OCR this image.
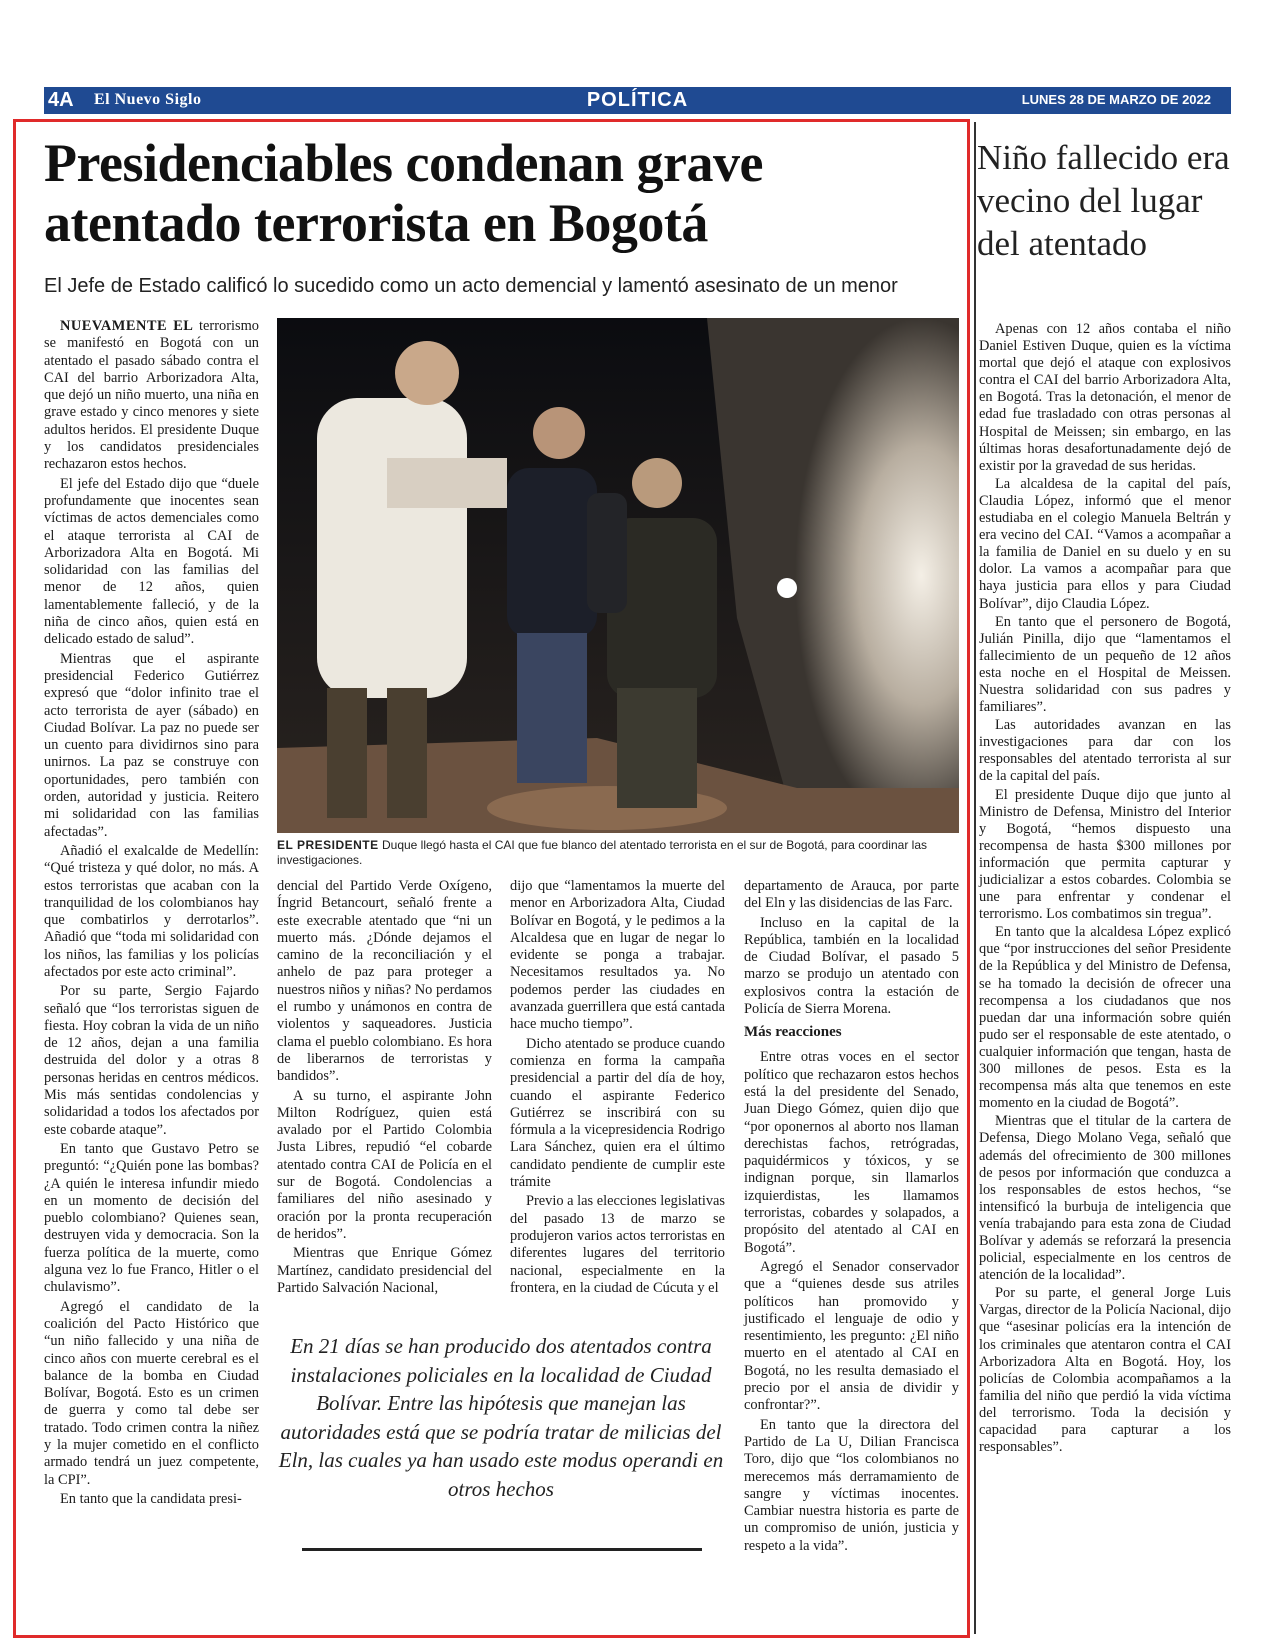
4A El Nuevo Siglo	POLÍTICA	LUNES 28 DE MARZO DE 2022
Presidenciables condenan grave atentado terrorista en Bogotá
El Jefe de Estado calificó lo sucedido como un acto demencial y lamentó asesinato de un menor

NUEVAMENTE EL terrorismo se manifestó en Bogotá con un atentado el pasado sábado contra el CAI del barrio Arborizadora Alta, que dejó un niño muerto, una niña en grave estado y cinco menores y siete adultos heridos. El presidente Duque y los candidatos presidenciales rechazaron estos hechos.

El jefe del Estado dijo que “duele profundamente que inocentes sean víctimas de actos demenciales como el ataque terrorista al CAI de Arborizadora Alta en Bogotá. Mi solidaridad con las familias del menor de 12 años, quien lamentablemente falleció, y de la niña de cinco años, quien está en delicado estado de salud”.

Mientras que el aspirante presidencial Federico Gutiérrez expresó que “dolor infinito trae el acto terrorista de ayer (sábado) en Ciudad Bolívar. La paz no puede ser un cuento para dividirnos sino para unirnos. La paz se construye con oportunidades, pero también con orden, autoridad y justicia. Reitero mi solidaridad con las familias afectadas”.

Añadió el exalcalde de Medellín: “Qué tristeza y qué dolor, no más. A estos terroristas que acaban con la tranquilidad de los colombianos hay que combatirlos y derrotarlos”. Añadió que “toda mi solidaridad con los niños, las familias y los policías afectados por este acto criminal”.

Por su parte, Sergio Fajardo señaló que “los terroristas siguen de fiesta. Hoy cobran la vida de un niño de 12 años, dejan a una familia destruida del dolor y a otras 8 personas heridas en centros médicos. Mis más sentidas condolencias y solidaridad a todos los afectados por este cobarde ataque”.

En tanto que Gustavo Petro se preguntó: “¿Quién pone las bombas? ¿A quién le interesa infundir miedo en un momento de decisión del pueblo colombiano? Quienes sean, destruyen vida y democracia. Son la fuerza política de la muerte, como alguna vez lo fue Franco, Hitler o el chulavismo”.

Agregó el candidato de la coalición del Pacto Histórico que “un niño fallecido y una niña de cinco años con muerte cerebral es el balance de la bomba en Ciudad Bolívar, Bogotá. Esto es un crimen de guerra y como tal debe ser tratado. Todo crimen contra la niñez y la mujer cometido en el conflicto armado tendrá un juez competente, la CPI”.

En tanto que la candidata presi-

EL PRESIDENTE Duque llegó hasta el CAI que fue blanco del atentado terrorista en el sur de Bogotá, para coordinar las investigaciones.

dencial del Partido Verde Oxígeno, Íngrid Betancourt, señaló frente a este execrable atentado que “ni un muerto más. ¿Dónde dejamos el camino de la reconciliación y el anhelo de paz para proteger a nuestros niños y niñas? No perdamos el rumbo y unámonos en contra de violentos y saqueadores. Justicia clama el pueblo colombiano. Es hora de liberarnos de terroristas y bandidos”.

A su turno, el aspirante John Milton Rodríguez, quien está avalado por el Partido Colombia Justa Libres, repudió “el cobarde atentado contra CAI de Policía en el sur de Bogotá. Condolencias a familiares del niño asesinado y oración por la pronta recuperación de heridos”.

Mientras que Enrique Gómez Martínez, candidato presidencial del Partido Salvación Nacional,

dijo que “lamentamos la muerte del menor en Arborizadora Alta, Ciudad Bolívar en Bogotá, y le pedimos a la Alcaldesa que en lugar de negar lo evidente se ponga a trabajar. Necesitamos resultados ya. No podemos perder las ciudades en avanzada guerrillera que está cantada hace mucho tiempo”.

Dicho atentado se produce cuando comienza en forma la campaña presidencial a partir del día de hoy, cuando el aspirante Federico Gutiérrez se inscribirá con su fórmula a la vicepresidencia Rodrigo Lara Sánchez, quien era el último candidato pendiente de cumplir este trámite

Previo a las elecciones legislativas del pasado 13 de marzo se produjeron varios actos terroristas en diferentes lugares del territorio nacional, especialmente en la frontera, en la ciudad de Cúcuta y el

departamento de Arauca, por parte del Eln y las disidencias de las Farc.

Incluso en la capital de la República, también en la localidad de Ciudad Bolívar, el pasado 5 marzo se produjo un atentado con explosivos contra la estación de Policía de Sierra Morena.

Más reacciones

Entre otras voces en el sector político que rechazaron estos hechos está la del presidente del Senado, Juan Diego Gómez, quien dijo que “por oponernos al aborto nos llaman derechistas fachos, retrógradas, paquidérmicos y tóxicos, y se indignan porque, sin llamarlos izquierdistas, les llamamos terroristas, cobardes y solapados, a propósito del atentado al CAI en Bogotá”.

Agregó el Senador conservador que a “quienes desde sus atriles políticos han promovido y justificado el lenguaje de odio y resentimiento, les pregunto: ¿El niño muerto en el atentado al CAI en Bogotá, no les resulta demasiado el precio por el ansia de dividir y confrontar?”.

En tanto que la directora del Partido de La U, Dilian Francisca Toro, dijo que “los colombianos no merecemos más derramamiento de sangre y víctimas inocentes. Cambiar nuestra historia es parte de un compromiso de unión, justicia y respeto a la vida”.

En 21 días se han producido dos atentados contra instalaciones policiales en la localidad de Ciudad Bolívar. Entre las hipótesis que manejan las autoridades está que se podría tratar de milicias del Eln, las cuales ya han usado este modus operandi en otros hechos
Niño fallecido era vecino del lugar del atentado

Apenas con 12 años contaba el niño Daniel Estiven Duque, quien es la víctima mortal que dejó el ataque con explosivos contra el CAI del barrio Arborizadora Alta, en Bogotá. Tras la detonación, el menor de edad fue trasladado con otras personas al Hospital de Meissen; sin embargo, en las últimas horas desafortunadamente dejó de existir por la gravedad de sus heridas.

La alcaldesa de la capital del país, Claudia López, informó que el menor estudiaba en el colegio Manuela Beltrán y era vecino del CAI. “Vamos a acompañar a la familia de Daniel en su duelo y en su dolor. La vamos a acompañar para que haya justicia para ellos y para Ciudad Bolívar”, dijo Claudia López.

En tanto que el personero de Bogotá, Julián Pinilla, dijo que “lamentamos el fallecimiento de un pequeño de 12 años esta noche en el Hospital de Meissen. Nuestra solidaridad con sus padres y familiares”.

Las autoridades avanzan en las investigaciones para dar con los responsables del atentado terrorista al sur de la capital del país.

El presidente Duque dijo que junto al Ministro de Defensa, Ministro del Interior y Bogotá, “hemos dispuesto una recompensa de hasta $300 millones por información que permita capturar y judicializar a estos cobardes. Colombia se une para enfrentar y condenar el terrorismo. Los combatimos sin tregua”.

En tanto que la alcaldesa López explicó que “por instrucciones del señor Presidente de la República y del Ministro de Defensa, se ha tomado la decisión de ofrecer una recompensa a los ciudadanos que nos puedan dar una información sobre quién pudo ser el responsable de este atentado, o cualquier información que tengan, hasta de 300 millones de pesos. Esta es la recompensa más alta que tenemos en este momento en la ciudad de Bogotá”.

Mientras que el titular de la cartera de Defensa, Diego Molano Vega, señaló que además del ofrecimiento de 300 millones de pesos por información que conduzca a los responsables de estos hechos, “se intensificó la burbuja de inteligencia que venía trabajando para esta zona de Ciudad Bolívar y además se reforzará la presencia policial, especialmente en los centros de atención de la localidad”.

Por su parte, el general Jorge Luis Vargas, director de la Policía Nacional, dijo que “asesinar policías era la intención de los criminales que atentaron contra el CAI Arborizadora Alta en Bogotá. Hoy, los policías de Colombia acompañamos a la familia del niño que perdió la vida víctima del terrorismo. Toda la decisión y capacidad para capturar a los responsables”.
